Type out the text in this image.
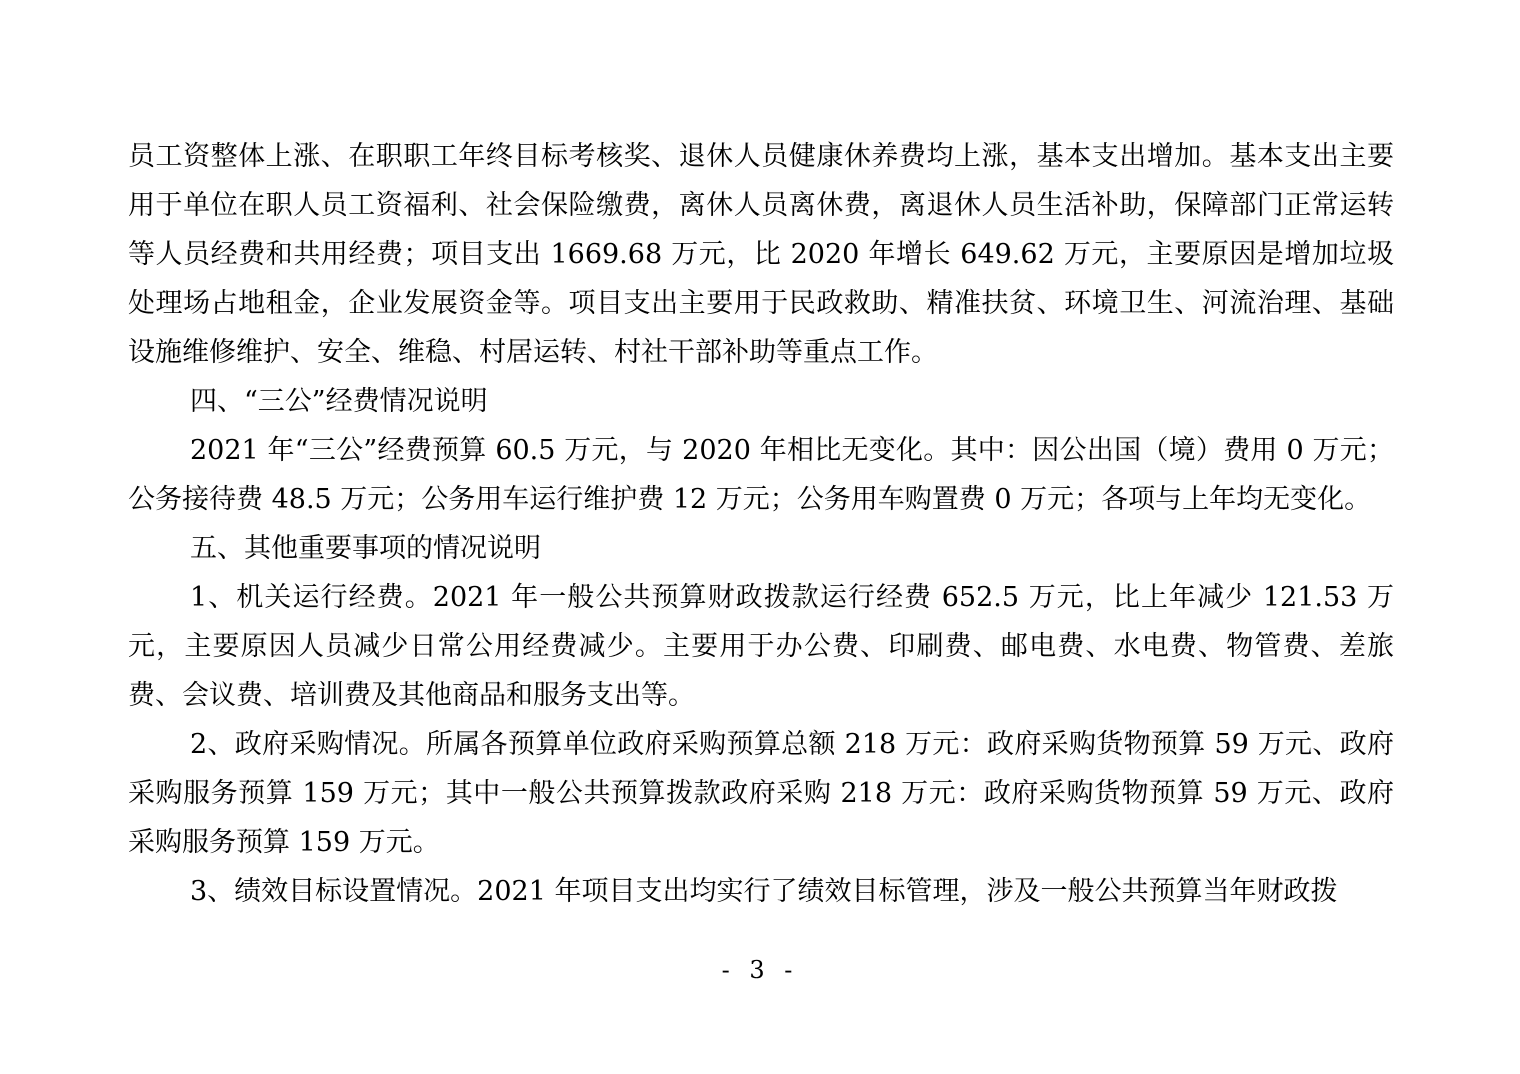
员工资整体上涨、在职职工年终目标考核奖、退休人员健康休养费均上涨，基本支出增加。基本支出主要用于单位在职人员工资福利、社会保险缴费，离休人员离休费，离退休人员生活补助，保障部门正常运转等人员经费和共用经费；项目支出 1669.68 万元，比 2020 年增长 649.62 万元，主要原因是增加垃圾处理场占地租金，企业发展资金等。项目支出主要用于民政救助、精准扶贫、环境卫生、河流治理、基础设施维修维护、安全、维稳、村居运转、村社干部补助等重点工作。

四、“三公”经费情况说明

2021 年“三公”经费预算 60.5 万元，与 2020 年相比无变化。其中：因公出国（境）费用 0 万元；公务接待费 48.5 万元；公务用车运行维护费 12 万元；公务用车购置费 0 万元；各项与上年均无变化。

五、其他重要事项的情况说明

1、机关运行经费。2021 年一般公共预算财政拨款运行经费 652.5 万元，比上年减少 121.53 万元，主要原因人员减少日常公用经费减少。主要用于办公费、印刷费、邮电费、水电费、物管费、差旅费、会议费、培训费及其他商品和服务支出等。

2、政府采购情况。所属各预算单位政府采购预算总额 218 万元：政府采购货物预算 59 万元、政府采购服务预算 159 万元；其中一般公共预算拨款政府采购 218 万元：政府采购货物预算 59 万元、政府采购服务预算 159 万元。

3、绩效目标设置情况。2021 年项目支出均实行了绩效目标管理，涉及一般公共预算当年财政拨

- 3 -
